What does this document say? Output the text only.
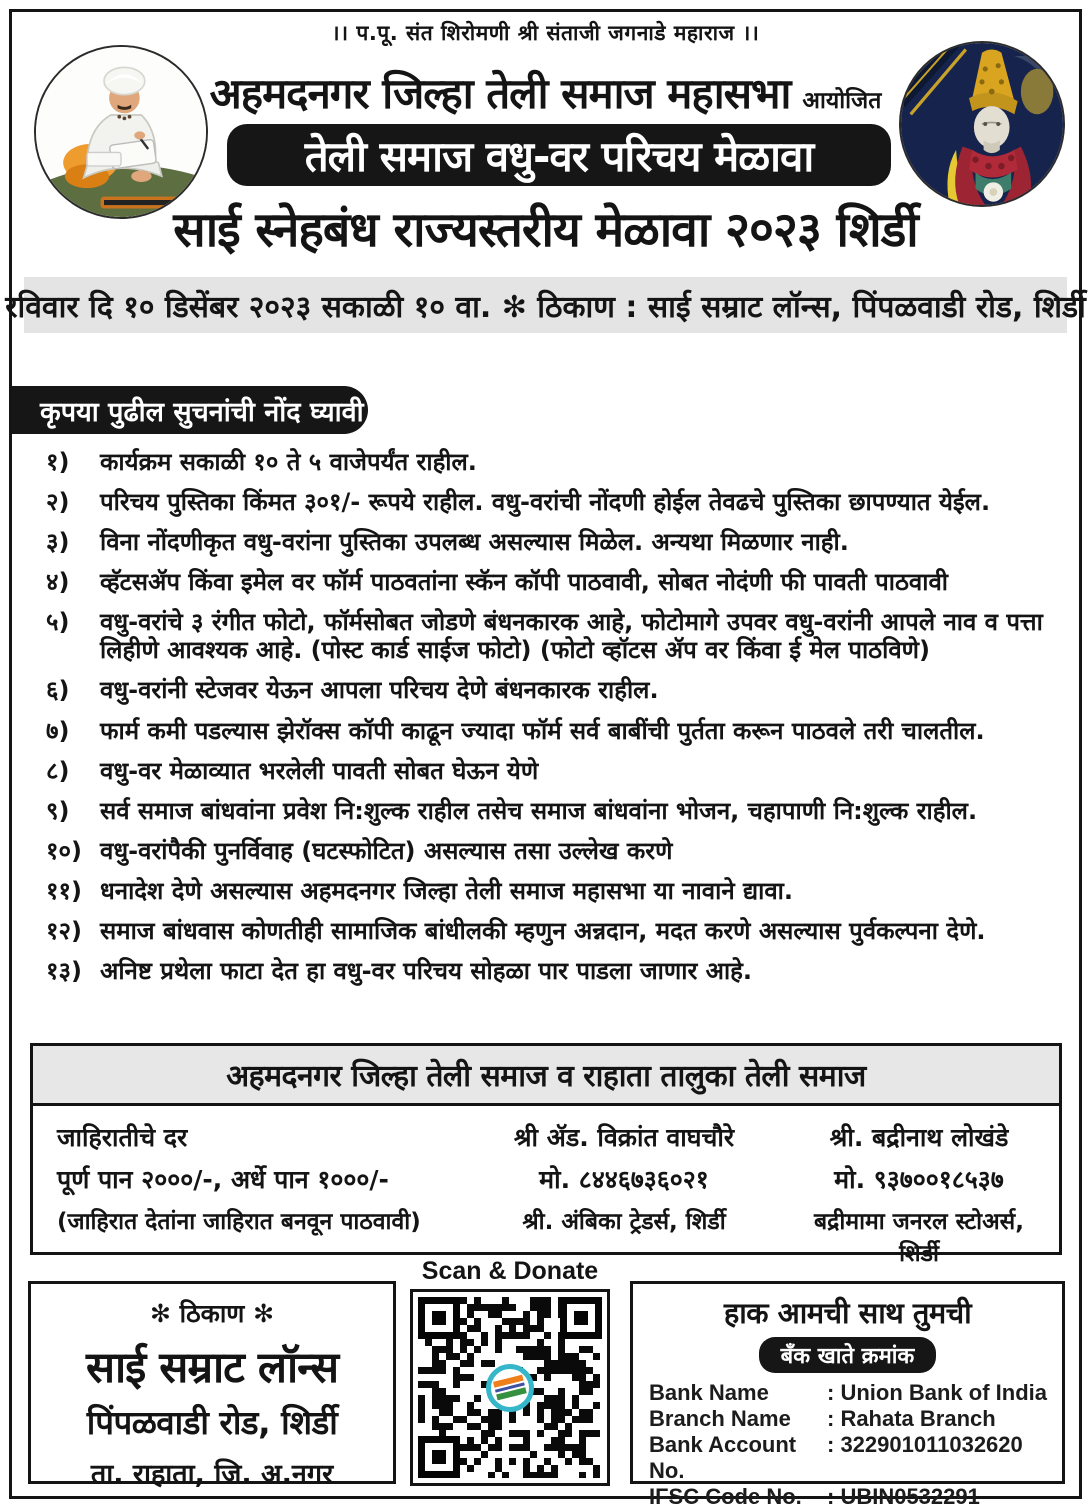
।। प.पू. संत शिरोमणी श्री संताजी जगनाडे महाराज ।।
अहमदनगर जिल्हा तेली समाज महासभा आयोजित
तेली समाज वधु-वर परिचय मेळावा
साई स्नेहबंध राज्यस्तरीय मेळावा २०२३ शिर्डी
रविवार दि १० डिसेंबर २०२३ सकाळी १० वा. ✻ ठिकाण : साई सम्राट लॉन्स, पिंपळवाडी रोड, शिर्डी
कृपया पुढील सुचनांची नोंद घ्यावी
१)	कार्यक्रम सकाळी १० ते ५ वाजेपर्यंत राहील.
२)	परिचय पुस्तिका किंमत ३०१/- रूपये राहील. वधु-वरांची नोंदणी होईल तेवढचे पुस्तिका छापण्यात येईल.
३)	विना नोंदणीकृत वधु-वरांना पुस्तिका उपलब्ध असल्यास मिळेल. अन्यथा मिळणार नाही.
४)	व्हॅटसॲप किंवा इमेल वर फॉर्म पाठवतांना स्कॅन कॉपी पाठवावी, सोबत नोदंणी फी पावती पाठवावी
५)	वधु-वरांचे ३ रंगीत फोटो, फॉर्मसोबत जोडणे बंधनकारक आहे, फोटोमागे उपवर वधु-वरांनी आपले नाव व पत्ता लिहीणे आवश्यक आहे. (पोस्ट कार्ड साईज फोटो) (फोटो व्हॉटस ॲप वर किंवा ई मेल पाठविणे)
६)	वधु-वरांनी स्टेजवर येऊन आपला परिचय देणे बंधनकारक राहील.
७)	फार्म कमी पडल्यास झेरॉक्स कॉपी काढून ज्यादा फॉर्म सर्व बाबींची पुर्तता करून पाठवले तरी चालतील.
८)	वधु-वर मेळाव्यात भरलेली पावती सोबत घेऊन येणे
९)	सर्व समाज बांधवांना प्रवेश नि:शुल्क राहील तसेच समाज बांधवांना भोजन, चहापाणी नि:शुल्क राहील.
१०) वधु-वरांपैकी पुनर्विवाह (घटस्फोटित) असल्यास तसा उल्लेख करणे
११) धनादेश देणे असल्यास अहमदनगर जिल्हा तेली समाज महासभा या नावाने द्यावा.
१२) समाज बांधवास कोणतीही सामाजिक बांधीलकी म्हणुन अन्नदान, मदत करणे असल्यास पुर्वकल्पना देणे.
१३) अनिष्ट प्रथेला फाटा देत हा वधु-वर परिचय सोहळा पार पाडला जाणार आहे.
अहमदनगर जिल्हा तेली समाज व राहाता तालुका तेली समाज
जाहिरातीचे दर
पूर्ण पान २०००/-, अर्धे पान १०००/-
(जाहिरात देतांना जाहिरात बनवून पाठवावी)
श्री ॲड. विक्रांत वाघचौरे
मो. ८४४६७३६०२१
श्री. अंबिका ट्रेडर्स, शिर्डी
श्री. बद्रीनाथ लोखंडे
मो. ९३७००१८५३७
बद्रीमामा जनरल स्टोअर्स, शिर्डी
Scan & Donate
✻ ठिकाण ✻
साई सम्राट लॉन्स
पिंपळवाडी रोड, शिर्डी
ता. राहाता, जि. अ.नगर
हाक आमची साथ तुमची
बँक खाते क्रमांक
Bank Name	: Union Bank of India
Branch Name	: Rahata Branch
Bank Account No.
: 322901011032620
IFSC Code No.	: UBIN0532291
